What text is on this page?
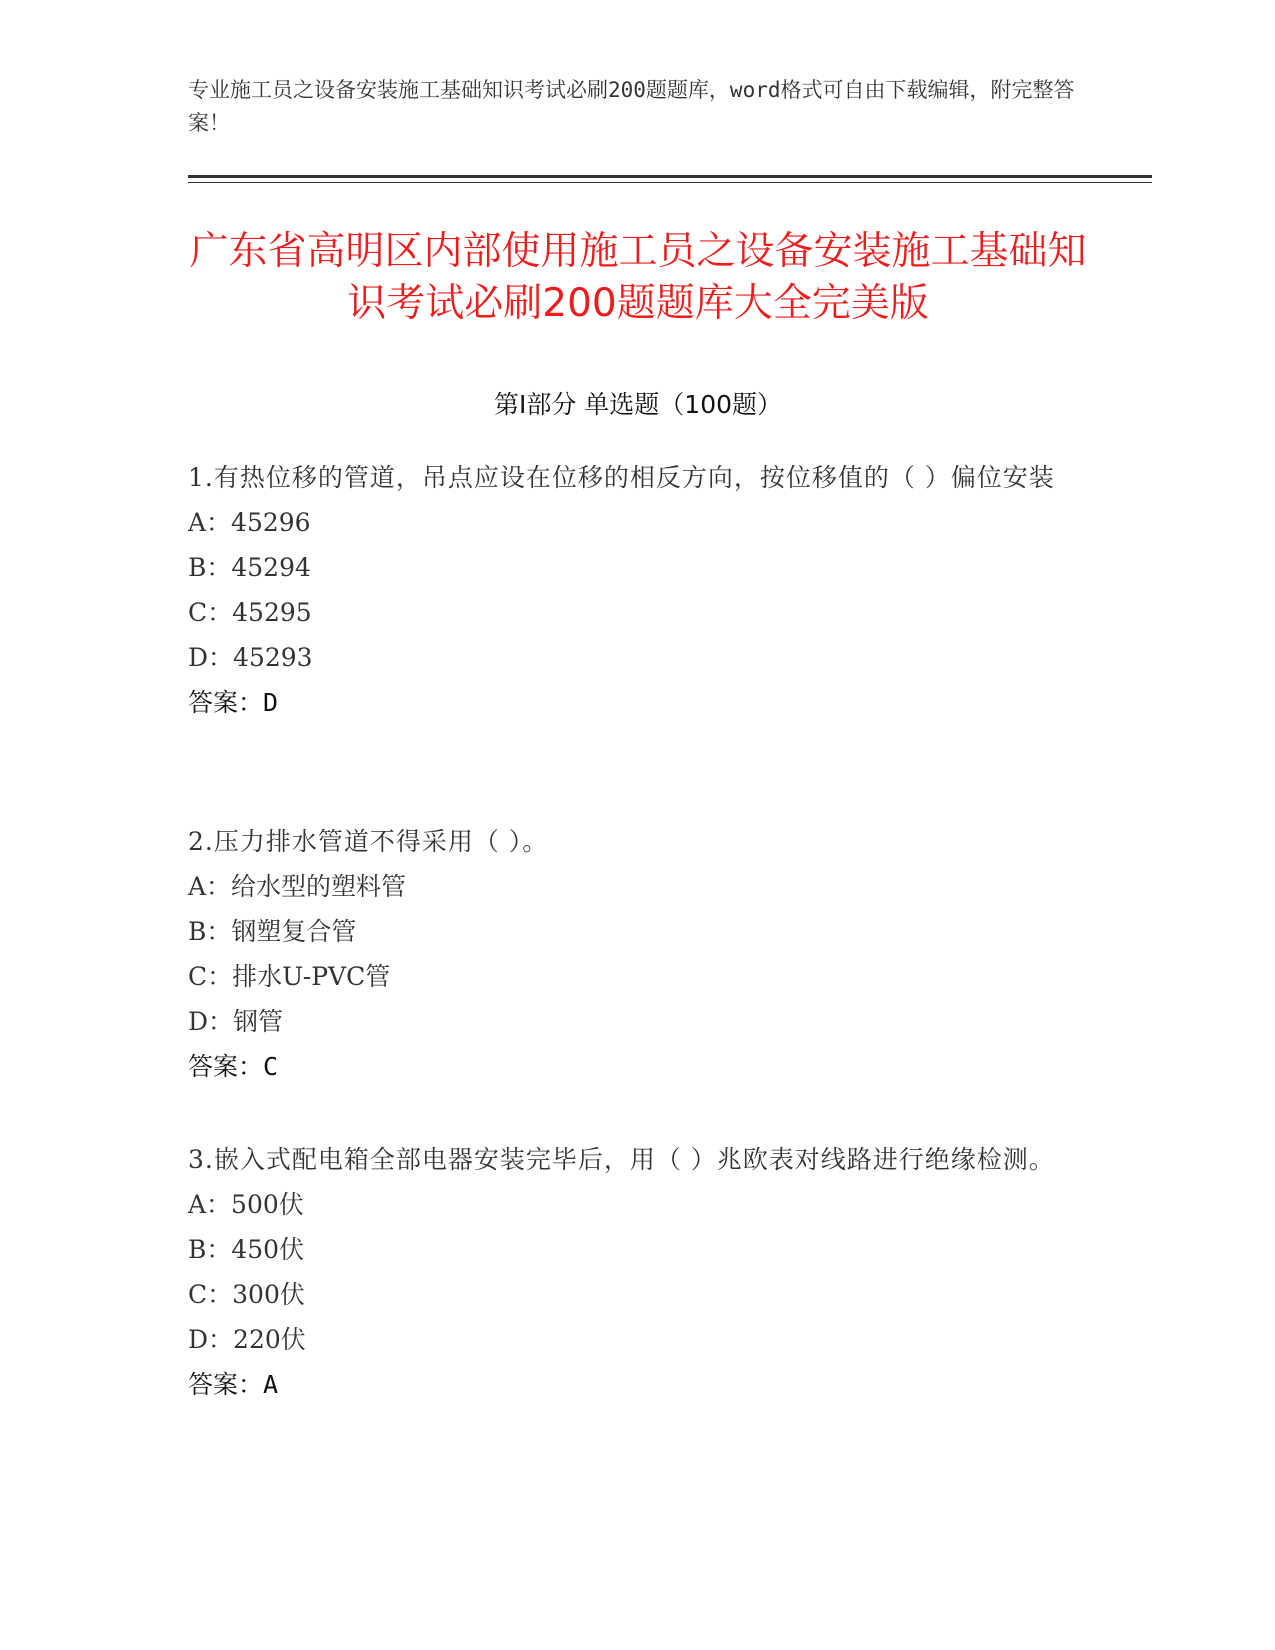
专业施工员之设备安装施工基础知识考试必刷200题题库，word格式可自由下载编辑，附完整答案！
广东省高明区内部使用施工员之设备安装施工基础知识考试必刷200题题库大全完美版
第Ⅰ部分 单选题（100题）
1.有热位移的管道，吊点应设在位移的相反方向，按位移值的（ ）偏位安装
A：45296
B：45294
C：45295
D：45293
答案：D
2.压力排水管道不得采用（ ）。
A：给水型的塑料管
B：钢塑复合管
C：排水U-PVC管
D：钢管
答案：C
3.嵌入式配电箱全部电器安装完毕后，用（ ）兆欧表对线路进行绝缘检测。
A：500伏
B：450伏
C：300伏
D：220伏
答案：A
